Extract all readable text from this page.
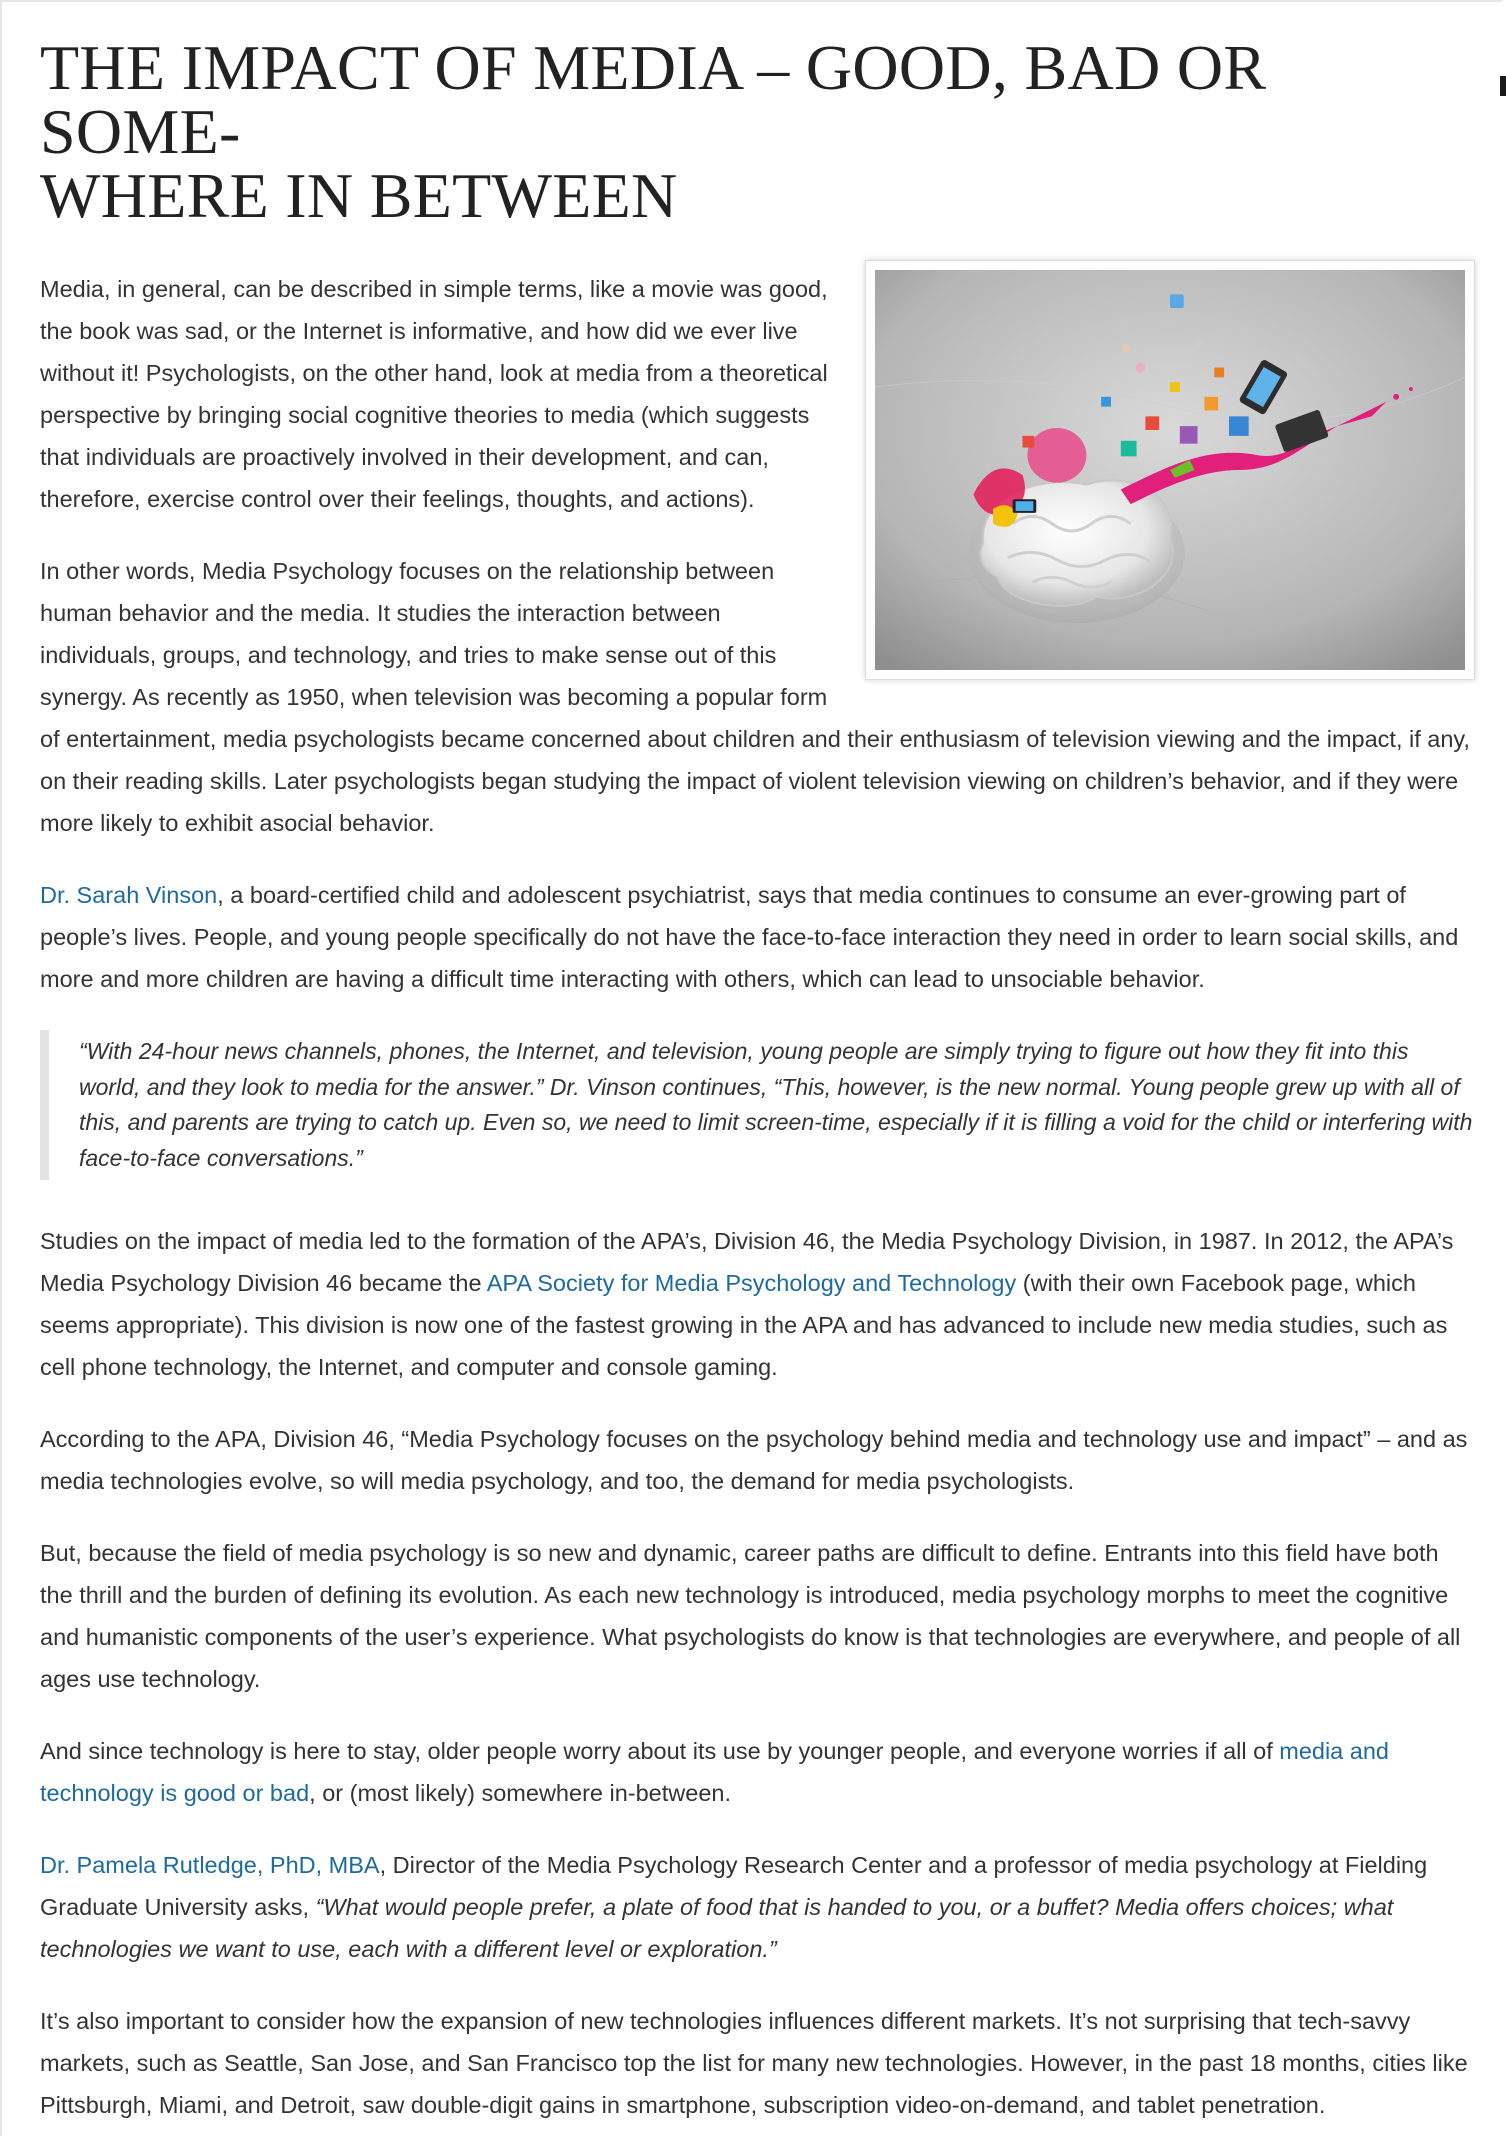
THE IMPACT OF MEDIA – GOOD, BAD OR SOME-
WHERE IN BETWEEN

Media, in general, can be described in simple terms, like a movie was good, the book was sad, or the Internet is informative, and how did we ever live without it! Psychologists, on the other hand, look at media from a theoretical perspective by bringing social cognitive theories to media (which suggests that individuals are proactively involved in their development, and can, therefore, exercise control over their feelings, thoughts, and actions).

In other words, Media Psychology focuses on the relationship between human behavior and the media. It studies the interaction between individuals, groups, and technology, and tries to make sense out of this synergy. As recently as 1950, when television was becoming a popular form of entertainment, media psychologists became concerned about children and their enthusiasm of television viewing and the impact, if any, on their reading skills. Later psychologists began studying the impact of violent television viewing on children’s behavior, and if they were more likely to exhibit asocial behavior.

Dr. Sarah Vinson, a board-certified child and adolescent psychiatrist, says that media continues to consume an ever-growing part of people’s lives. People, and young people specifically do not have the face-to-face interaction they need in order to learn social skills, and more and more children are having a difficult time interacting with others, which can lead to unsociable behavior.

“With 24-hour news channels, phones, the Internet, and television, young people are simply trying to figure out how they fit into this world, and they look to media for the answer.” Dr. Vinson continues, “This, however, is the new normal. Young people grew up with all of this, and parents are trying to catch up. Even so, we need to limit screen-time, especially if it is filling a void for the child or interfering with face-to-face conversations.”

Studies on the impact of media led to the formation of the APA’s, Division 46, the Media Psychology Division, in 1987. In 2012, the APA’s Media Psychology Division 46 became the APA Society for Media Psychology and Technology (with their own Facebook page, which seems appropriate). This division is now one of the fastest growing in the APA and has advanced to include new media studies, such as cell phone technology, the Internet, and computer and console gaming.

According to the APA, Division 46, “Media Psychology focuses on the psychology behind media and technology use and impact” – and as media technologies evolve, so will media psychology, and too, the demand for media psychologists.

But, because the field of media psychology is so new and dynamic, career paths are difficult to define. Entrants into this field have both the thrill and the burden of defining its evolution. As each new technology is introduced, media psychology morphs to meet the cognitive and humanistic components of the user’s experience. What psychologists do know is that technologies are everywhere, and people of all ages use technology.

And since technology is here to stay, older people worry about its use by younger people, and everyone worries if all of media and technology is good or bad, or (most likely) somewhere in-between.

Dr. Pamela Rutledge, PhD, MBA, Director of the Media Psychology Research Center and a professor of media psychology at Fielding Graduate University asks, “What would people prefer, a plate of food that is handed to you, or a buffet? Media offers choices; what technologies we want to use, each with a different level or exploration.”

It’s also important to consider how the expansion of new technologies influences different markets. It’s not surprising that tech-savvy markets, such as Seattle, San Jose, and San Francisco top the list for many new technologies. However, in the past 18 months, cities like Pittsburgh, Miami, and Detroit, saw double-digit gains in smartphone, subscription video-on-demand, and tablet penetration.
